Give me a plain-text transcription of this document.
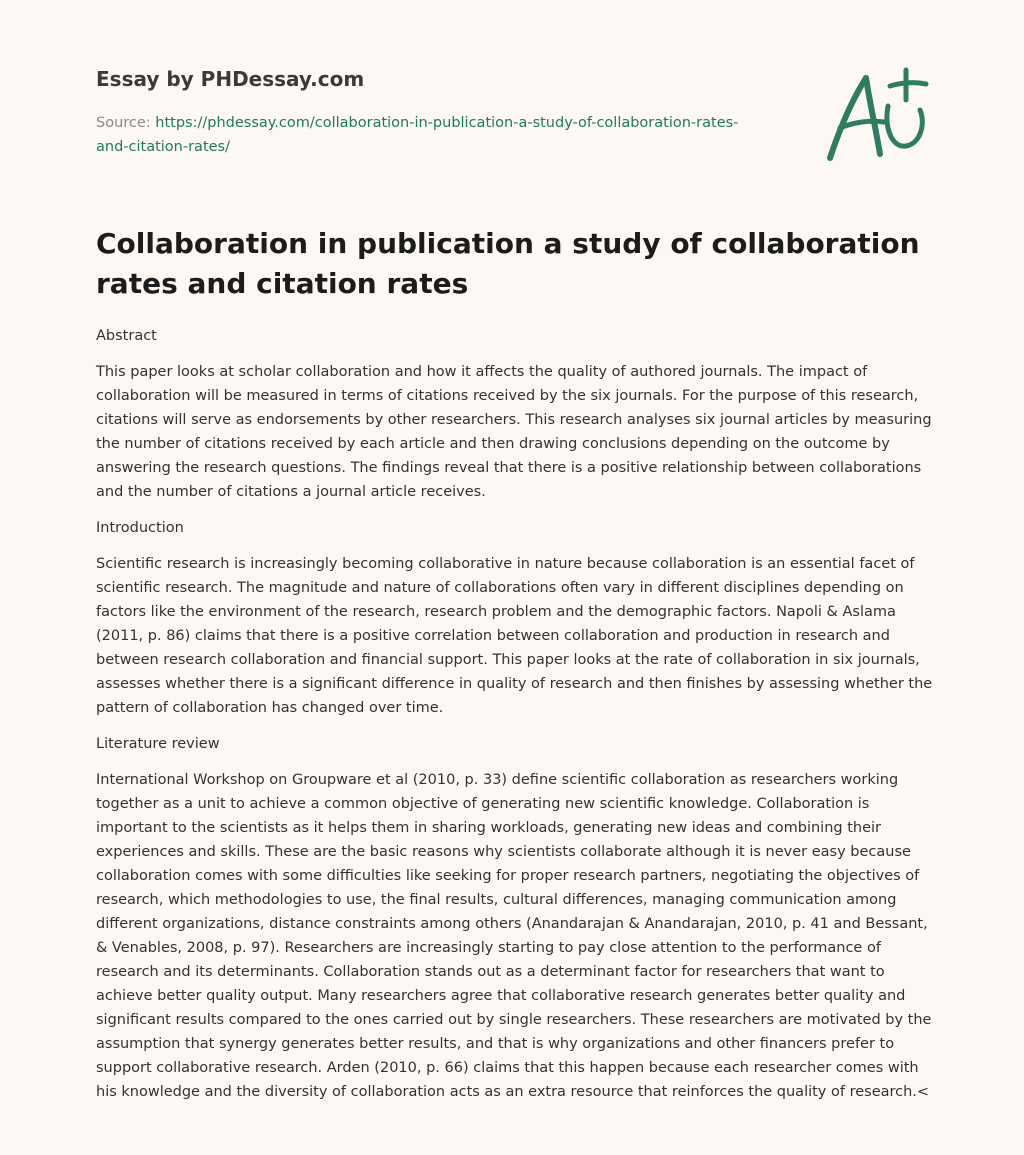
Essay by PHDessay.com
Source: https://phdessay.com/collaboration-in-publication-a-study-of-collaboration-rates-
and-citation-rates/
Collaboration in publication a study of collaboration rates and citation rates
Abstract

This paper looks at scholar collaboration and how it affects the quality of authored journals. The impact of collaboration will be measured in terms of citations received by the six journals. For the purpose of this research, citations will serve as endorsements by other researchers. This research analyses six journal articles by measuring the number of citations received by each article and then drawing conclusions depending on the outcome by answering the research questions. The findings reveal that there is a positive relationship between collaborations and the number of citations a journal article receives.

Introduction

Scientific research is increasingly becoming collaborative in nature because collaboration is an essential facet of scientific research. The magnitude and nature of collaborations often vary in different disciplines depending on factors like the environment of the research, research problem and the demographic factors. Napoli & Aslama (2011, p. 86) claims that there is a positive correlation between collaboration and production in research and between research collaboration and financial support. This paper looks at the rate of collaboration in six journals, assesses whether there is a significant difference in quality of research and then finishes by assessing whether the pattern of collaboration has changed over time.

Literature review

International Workshop on Groupware et al (2010, p. 33) define scientific collaboration as researchers working together as a unit to achieve a common objective of generating new scientific knowledge. Collaboration is important to the scientists as it helps them in sharing workloads, generating new ideas and combining their experiences and skills. These are the basic reasons why scientists collaborate although it is never easy because collaboration comes with some difficulties like seeking for proper research partners, negotiating the objectives of research, which methodologies to use, the final results, cultural differences, managing communication among different organizations, distance constraints among others (Anandarajan & Anandarajan, 2010, p. 41 and Bessant, & Venables, 2008, p. 97). Researchers are increasingly starting to pay close attention to the performance of research and its determinants. Collaboration stands out as a determinant factor for researchers that want to achieve better quality output. Many researchers agree that collaborative research generates better quality and significant results compared to the ones carried out by single researchers. These researchers are motivated by the assumption that synergy generates better results, and that is why organizations and other financers prefer to support collaborative research. Arden (2010, p. 66) claims that this happen because each researcher comes with his knowledge and the diversity of collaboration acts as an extra resource that reinforces the quality of research.<
